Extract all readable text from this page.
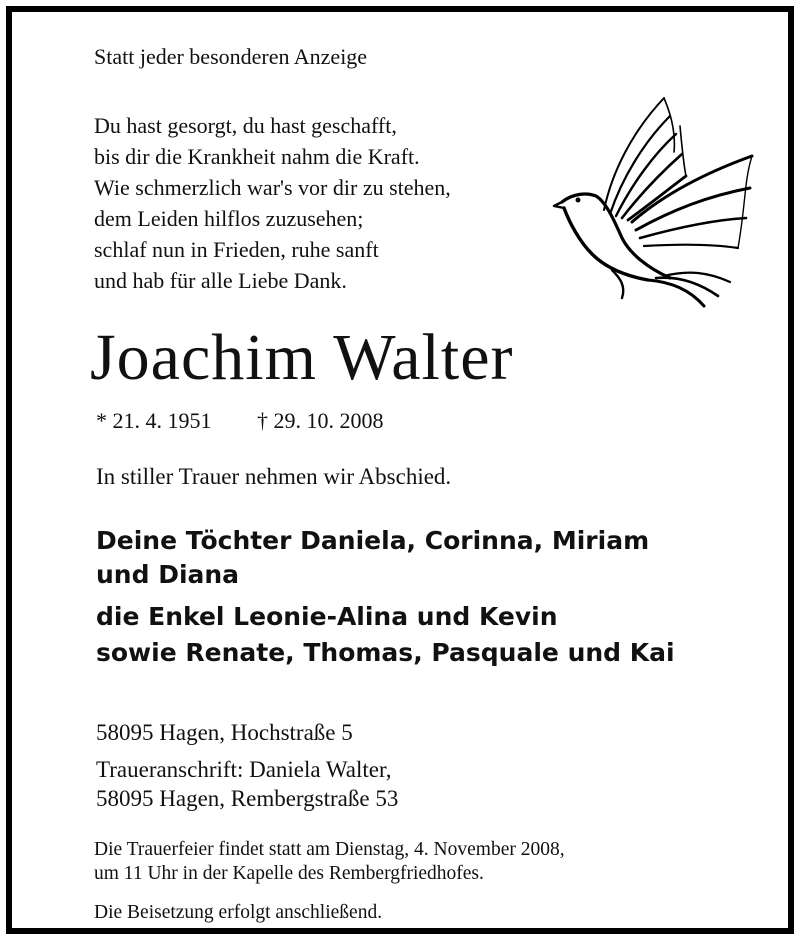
Statt jeder besonderen Anzeige
Du hast gesorgt, du hast geschafft,
bis dir die Krankheit nahm die Kraft.
Wie schmerzlich war's vor dir zu stehen,
dem Leiden hilflos zuzusehen;
schlaf nun in Frieden, ruhe sanft
und hab für alle Liebe Dank.
Joachim Walter
* 21. 4. 1951 † 29. 10. 2008
In stiller Trauer nehmen wir Abschied.
Deine Töchter Daniela, Corinna, Miriam
und Diana
die Enkel Leonie-Alina und Kevin
sowie Renate, Thomas, Pasquale und Kai
58095 Hagen, Hochstraße 5
Traueranschrift: Daniela Walter,
58095 Hagen, Rembergstraße 53
Die Trauerfeier findet statt am Dienstag, 4. November 2008,
um 11 Uhr in der Kapelle des Rembergfriedhofes.
Die Beisetzung erfolgt anschließend.
